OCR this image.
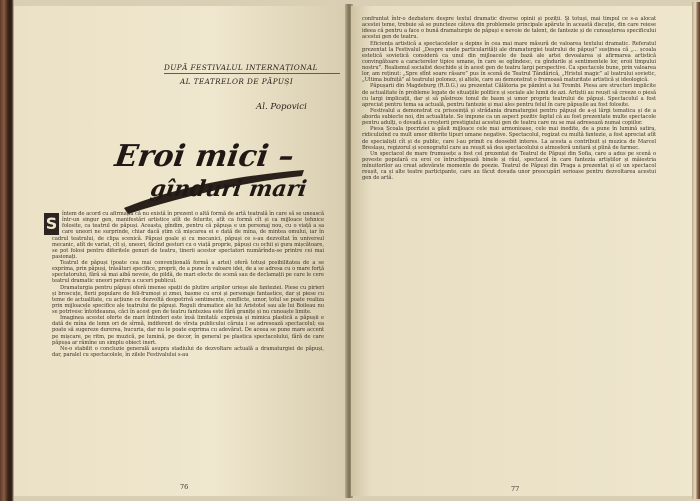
DUPĂ FESTIVALUL INTERNAȚIONAL
AL TEATRELOR DE PĂPUȘI
Al. Popovici
Eroi mici –
gînduri mari

S întem de acord cu afirmația că nu există în prezent o altă formă de artă teatrală în care să se unească într-un singur gen, manifestări artistice atît de felurite, atît ca formă cît și ca mijloace tehnice folosite, ca teatrul de păpuși. Aceasta, gîndim, pentru că păpușa e un personaj nou, cu o viață a sa care uneori ne surprinde, chiar dacă știm că mișcarea ei e dată de mîna, de mintea omului, iar în cadrul teatrului, de clipa scenică. Păpuși goale și cu mecanici, păpuși ce s-au dezvoltat în universul mecanic, atît de variat, cît și, uneori, făcînd gesturi cu o viață proprie, păpuși cu ochii și gura mișcătoare, se pot folosi pentru diferitele genuri de teatru, tinerii acestor spectatori numărîndu-se printre cei mai pasionați.

Teatrul de păpuși (poate cea mai convențională formă a artei) oferă totuși posibilitatea de a se exprima, prin păpuși, trăsături specifice, proprii, de a pune în valoare idei, de a se adresa cu o mare forță spectatorului, fără să mai aibă nevoie, de pildă, de mari efecte de scenă sau de declamații pe care le cere teatrul dramatic uneori pentru a cuceri publicul.

Dramaturgia pentru păpuși oferă imense spații de plutire aripilor urieșe ale fanteziei. Piese cu pirieri și broscuțe, fierii populare de feli-frumoși și zmei, basme cu eroi și personaje fantastice, dar și piese cu teme de actualitate, cu acțiune ce dezvoltă deopotrivă sentimente, conflicte, umor, totul se poate realiza prin mijloacele specifice ale teatrului de păpuși. Reguli dramatice ale lui Aristotel sau ale lui Boileau nu se potrivesc întotdeauna, căci în acest gen de teatru fanteziea este fără granițe și nu cunoaște limite.

Imaginea acestei oferte de mari întinderi este însă limitată: expresia și mimica plastică a păpușii e dată de mîna de lemn ori de sîrmă, indiferent de vîrsta publicului căruia i se adresează spectacolul; ea poate să sugereze durerea, bucuria, dar nu le poate exprima cu adevărat. De aceea se pune mare accent pe mișcare, pe ritm, pe muzică, pe lumină, pe decor, în general pe plastica spectacolului, fără de care păpușa ar rămîne un simplu obiect inert.

Ne-o stabilit o concluzie generală asupra stadiului de dezvoltare actuală a dramaturgiei de păpuși, dar, paralel cu spectacolele, în zilele Festivalului s-au

76

confruntat într-o dezbatere despre textul dramatic diverse opinii și poziții. Și totuși, mai timpul ce s-a alocat acestei teme, trebuie să se puncteze câteva din problemele principale apărute în această discuție, din care reiese ideea că pentru a face o bună dramaturgie de păpuși e nevoie de talent, de fantezie și de cunoașterea specificului acestui gen de teatru.

Eficiența artistică a spectacolelor a depins în cea mai mare măsură de valoarea textului dramatic. Referatul prezentat la Festivalul „Despre unele particularități ale dramaturgiei teatrului de păpuși” susținea că „... școala estetică sovietică consideră ca unul din mijloacele de bază ale artei devoalarea și afirmarea artistică convingătoare a caracterelor tipice umane, în care se oglindesc, cu gîndurile și sentimentele lor, eroii timpului nostru”. Realismul socialist deschide și în acest gen de teatru largi perspective. Ca spectacole bune, prin valoarea lor, am reținut: „Spre sfînt soare răsare” pus în scenă de Teatrul Țăndărică, „Hristul magic” al teatrului sovietic, „Ultima bufniță” al teatrului polonez, și altele, care au demonstrat o frumoasă maturitate artistică și ideologică.

Păpușarii din Magdeburg (R.D.G.) au prezentat Călătoria pe pămînt a lui Trombi. Piesa are structuri implicite de actualitate în probleme legate de situațiile politice și sociale ale lumii de azi. Artiștii au reușit să creeze o piesă cu largi implicații, dar și să păstreze tonul de basm și umor propriu teatrului de păpuși. Spectacolul a fost apreciat pentru tema sa actuală, pentru fantezie și mai ales pentru felul în care păpușile au fost folosite.

Festivalul a demonstrat cu prisosință și strădania dramaturgiei pentru păpuși de a-și lărgi tematica și de a aborda subiecte noi, din actualitate. Se impune ca un aspect pozitiv faptul că au fost prezentate multe spectacole pentru adulți, o dovadă a creșterii prestigiului acestui gen de teatru care nu se mai adresează numai copiilor.

Piesa Școala ipocriziei a găsit mijloace cele mai armonioase, cele mai inedite, de a pune în lumină satira, ridiculizînd cu mult umor diferite tipuri umane negative. Spectacolul, regizat cu multă fantezie, a fost apreciat atît de specialiști cît și de public, care l-au primit cu deosebit interes. La acesta a contribuit și muzica de Marcel Breslașu, regizorul și scenograful care au reușit să dea spectacolului o atmosferă unitară și plină de farmec.

Un spectacol de mare frumusețe a fost cel prezentat de Teatrul de Păpuși din Sofia, care a adus pe scenă o poveste populară cu eroi ce întruchipează binele și răul, spectacol în care fantezia artiștilor și măiestria mînuitorilor au creat adevărate momente de poezie. Teatrul de Păpuși din Praga a prezentat și el un spectacol reușit, ca și alte teatre participante, care au făcut dovada unor preocupări serioase pentru dezvoltarea acestui gen de artă.

77
